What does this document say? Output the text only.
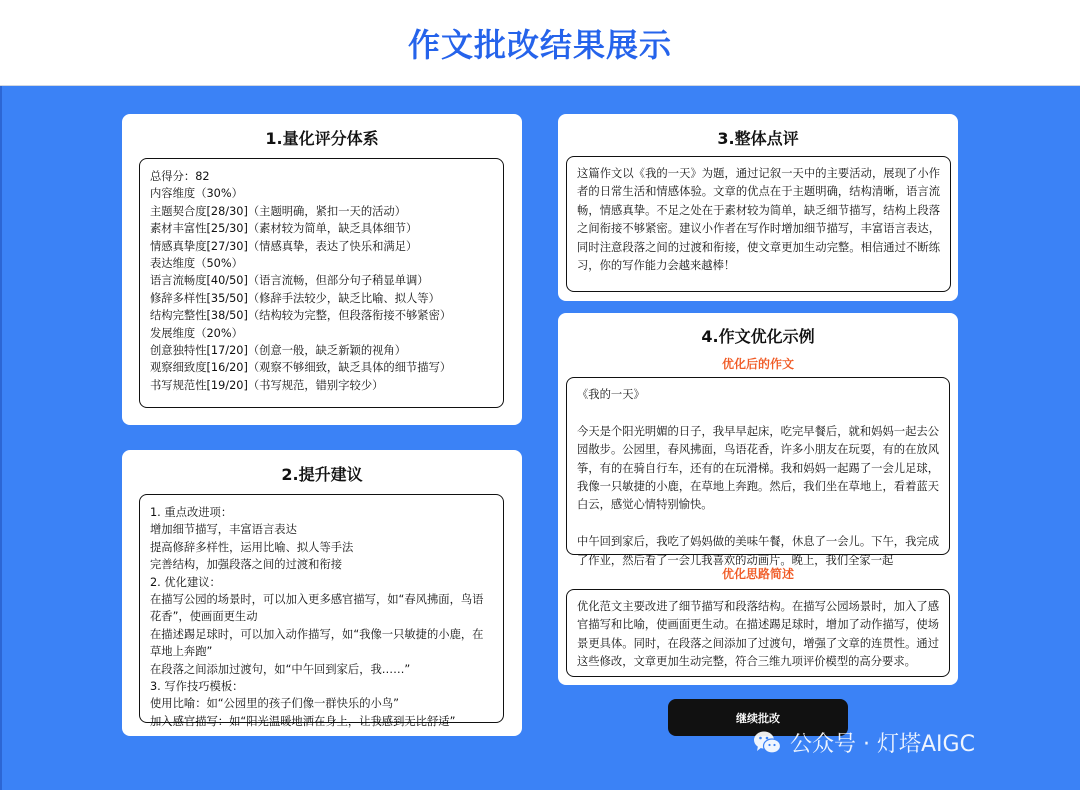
作文批改结果展示
1.量化评分体系
总得分：82
内容维度（30%）
主题契合度[28/30]（主题明确，紧扣一天的活动）
素材丰富性[25/30]（素材较为简单，缺乏具体细节）
情感真挚度[27/30]（情感真挚，表达了快乐和满足）
表达维度（50%）
语言流畅度[40/50]（语言流畅，但部分句子稍显单调）
修辞多样性[35/50]（修辞手法较少，缺乏比喻、拟人等）
结构完整性[38/50]（结构较为完整，但段落衔接不够紧密）
发展维度（20%）
创意独特性[17/20]（创意一般，缺乏新颖的视角）
观察细致度[16/20]（观察不够细致，缺乏具体的细节描写）
书写规范性[19/20]（书写规范，错别字较少）
2.提升建议
1. 重点改进项：
增加细节描写，丰富语言表达
提高修辞多样性，运用比喻、拟人等手法
完善结构，加强段落之间的过渡和衔接
2. 优化建议：
在描写公园的场景时，可以加入更多感官描写，如“春风拂面，鸟语花香”，使画面更生动
在描述踢足球时，可以加入动作描写，如“我像一只敏捷的小鹿，在草地上奔跑”
在段落之间添加过渡句，如“中午回到家后，我……”
3. 写作技巧模板：
使用比喻：如“公园里的孩子们像一群快乐的小鸟”
加入感官描写：如“阳光温暖地洒在身上，让我感到无比舒适”
3.整体点评
这篇作文以《我的一天》为题，通过记叙一天中的主要活动，展现了小作者的日常生活和情感体验。文章的优点在于主题明确，结构清晰，语言流畅，情感真挚。不足之处在于素材较为简单，缺乏细节描写，结构上段落之间衔接不够紧密。建议小作者在写作时增加细节描写，丰富语言表达，同时注意段落之间的过渡和衔接，使文章更加生动完整。相信通过不断练习，你的写作能力会越来越棒！
4.作文优化示例
优化后的作文
《我的一天》
今天是个阳光明媚的日子，我早早起床，吃完早餐后，就和妈妈一起去公园散步。公园里，春风拂面，鸟语花香，许多小朋友在玩耍，有的在放风筝，有的在骑自行车，还有的在玩滑梯。我和妈妈一起踢了一会儿足球，我像一只敏捷的小鹿，在草地上奔跑。然后，我们坐在草地上，看着蓝天白云，感觉心情特别愉快。
中午回到家后，我吃了妈妈做的美味午餐，休息了一会儿。下午，我完成了作业，然后看了一会儿我喜欢的动画片。晚上，我们全家一起
优化思路简述
优化范文主要改进了细节描写和段落结构。在描写公园场景时，加入了感官描写和比喻，使画面更生动。在描述踢足球时，增加了动作描写，使场景更具体。同时，在段落之间添加了过渡句，增强了文章的连贯性。通过这些修改，文章更加生动完整，符合三维九项评价模型的高分要求。
继续批改
公众号 · 灯塔AIGC
